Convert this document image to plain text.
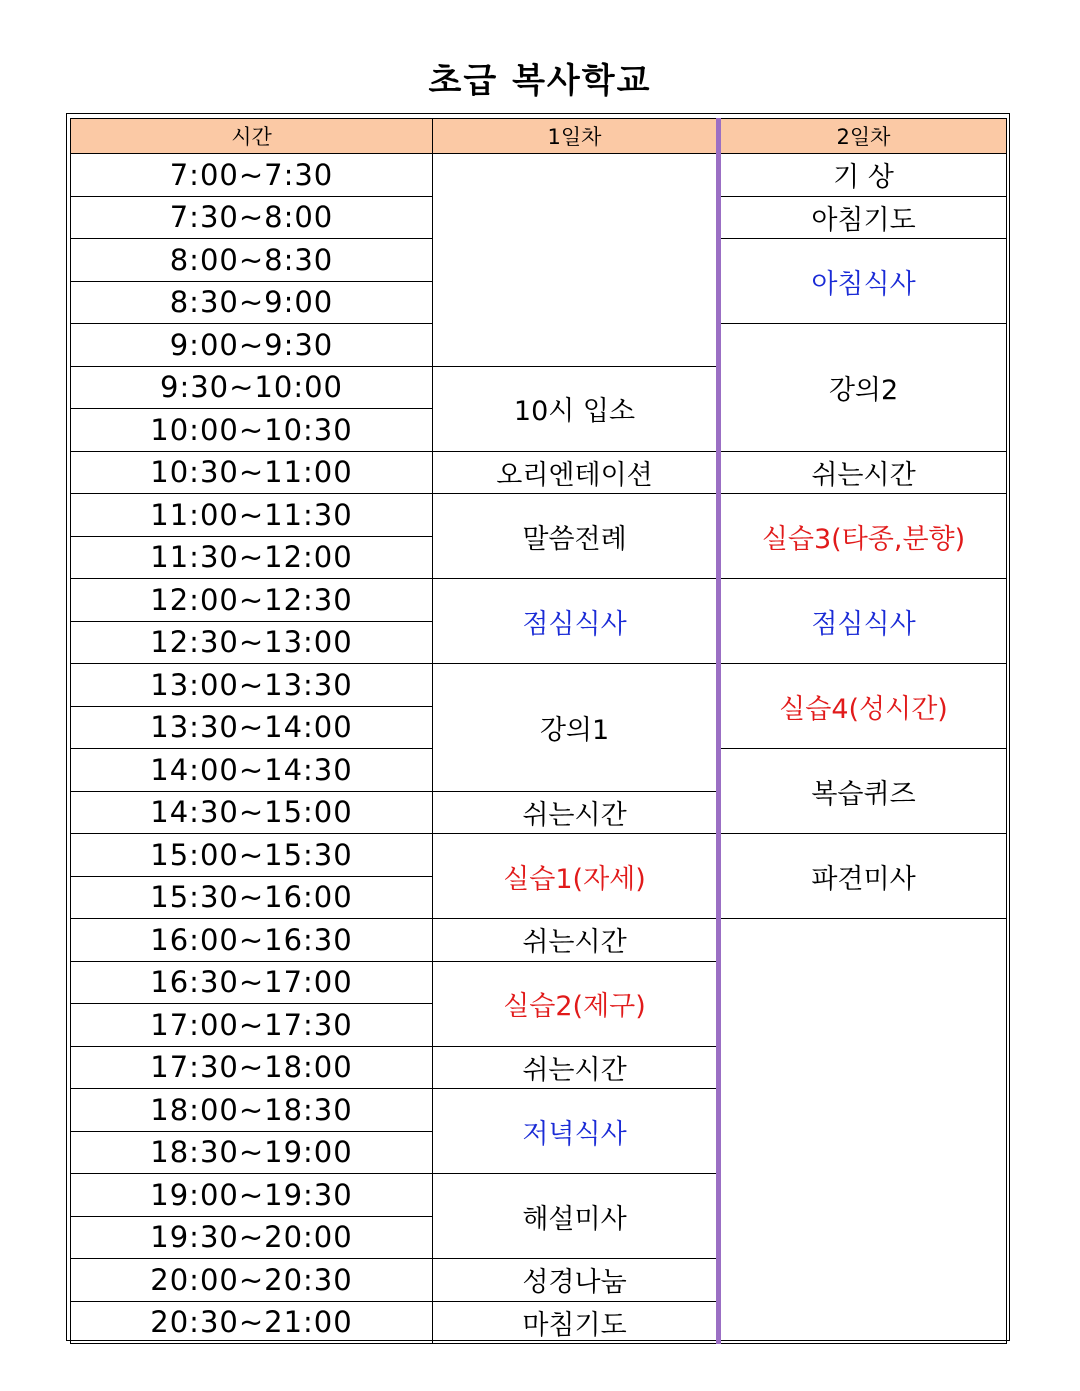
초급 복사학교
시간	1일차	2일차
7:00~7:30		기 상
7:30~8:00		아침기도
8:00~8:30		아침식사
8:30~9:00		
9:00~9:30		강의2
9:30~10:00	10시 입소	
10:00~10:30		
10:30~11:00	오리엔테이션	쉬는시간
11:00~11:30	말씀전례	실습3(타종,분향)
11:30~12:00		
12:00~12:30	점심식사	점심식사
12:30~13:00		
13:00~13:30	강의1	실습4(성시간)
13:30~14:00		
14:00~14:30		복습퀴즈
14:30~15:00	쉬는시간	
15:00~15:30	실습1(자세)	파견미사
15:30~16:00		
16:00~16:30	쉬는시간	
16:30~17:00	실습2(제구)	
17:00~17:30		
17:30~18:00	쉬는시간	
18:00~18:30	저녁식사	
18:30~19:00		
19:00~19:30	해설미사	
19:30~20:00		
20:00~20:30	성경나눔	
20:30~21:00	마침기도	
